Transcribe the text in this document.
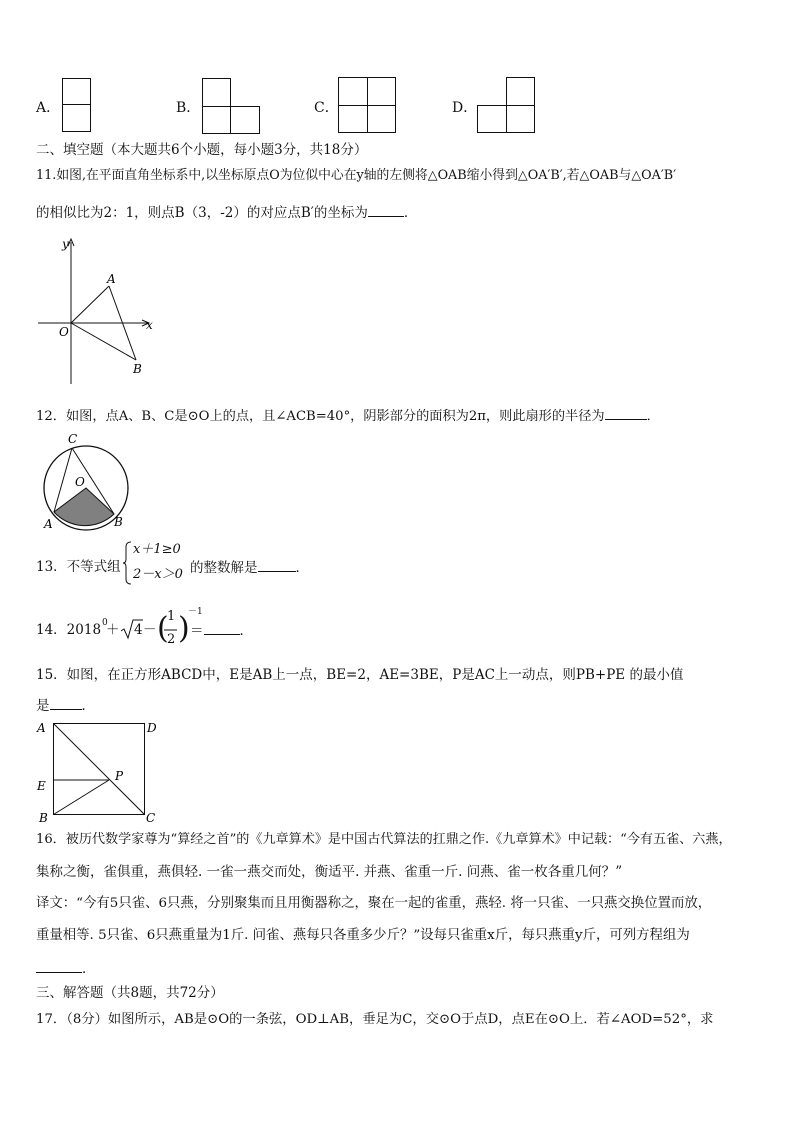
A．	B．	C．	D．
二、填空题（本大题共6个小题，每小题3分，共18分）
11.如图,在平面直角坐标系中,以坐标原点O为位似中心在y轴的左侧将△OAB缩小得到△OA′B′,若△OAB与△OA′B′
的相似比为2：1，则点B（3，-2）的对应点B′的坐标为	．
y
x
O
A
B
12．如图，点A、B、C是⊙O上的点，且∠ACB=40°，阴影部分的面积为2π，则此扇形的半径为	．
C
O
A	B
13．不等式组
x＋1≥0
2－x＞0 的整数解是	．
14．2018 0
＋ 4 － (
1
2 )
－1
＝	．
15．如图，在正方形ABCD中，E是AB上一点，BE=2，AE=3BE，P是AC上一动点，则PB+PE 的最小值
是 ．
A	D
E
P
B	C
16．被历代数学家尊为“算经之首”的《九章算术》是中国古代算法的扛鼎之作.《九章算术》中记载：“今有五雀、六燕，
集称之衡，雀俱重，燕俱轻. 一雀一燕交而处，衡适平. 并燕、雀重一斤. 问燕、雀一枚各重几何？”
译文：“今有5只雀、6只燕，分别聚集而且用衡器称之，聚在一起的雀重，燕轻. 将一只雀、一只燕交换位置而放，
重量相等. 5只雀、6只燕重量为1斤. 问雀、燕每只各重多少斤？”设每只雀重x斤，每只燕重y斤，可列方程组为
．
三、解答题（共8题，共72分）
17．（8分）如图所示，AB是⊙O的一条弦，OD⊥AB，垂足为C，交⊙O于点D，点E在⊙O上．若∠AOD=52°，求
